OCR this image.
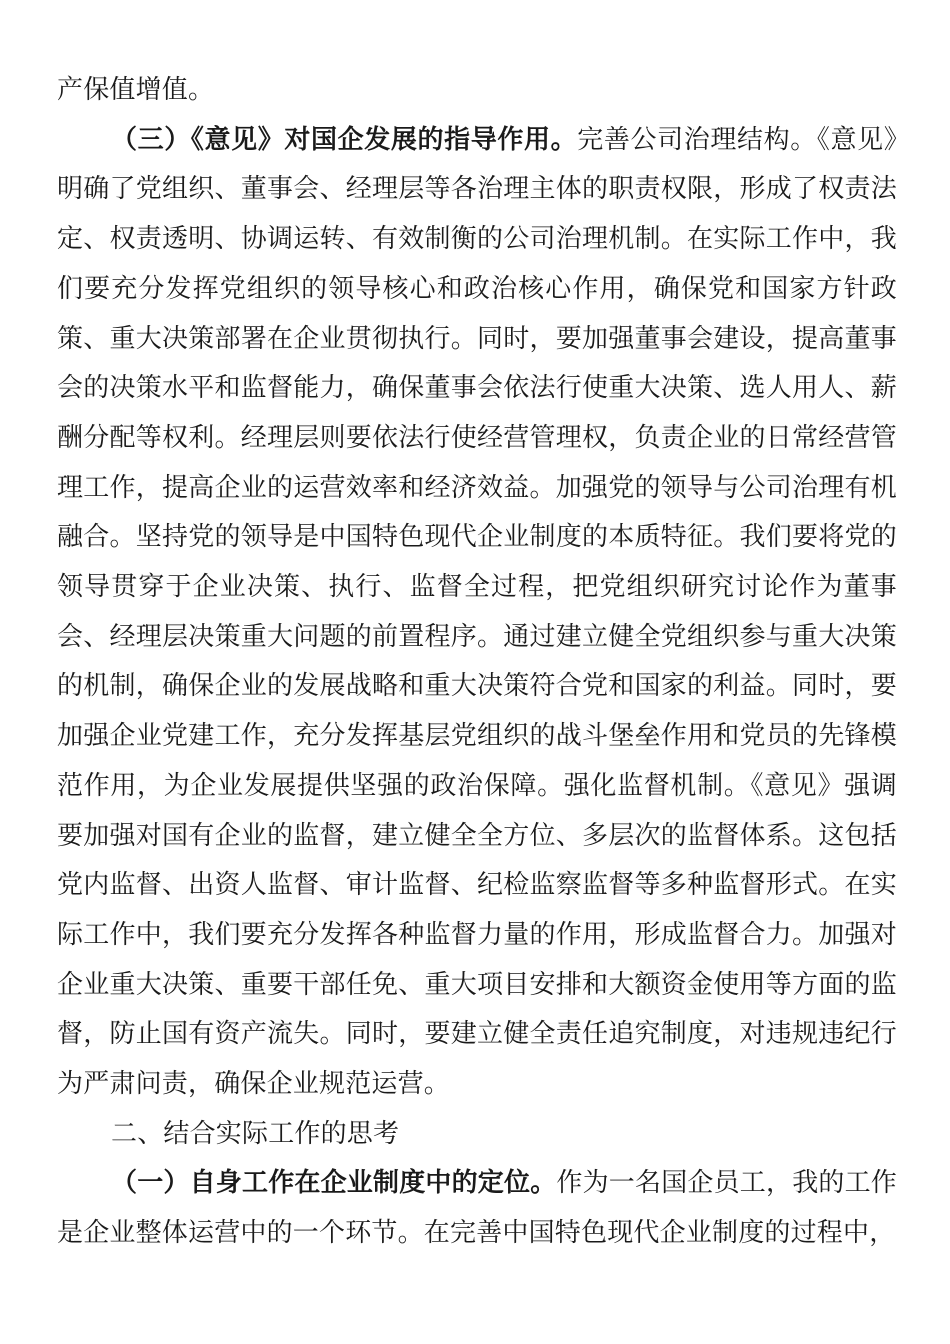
产保值增值。

（三）《意见》对国企发展的指导作用。完善公司治理结构。《意见》明确了党组织、董事会、经理层等各治理主体的职责权限，形成了权责法定、权责透明、协调运转、有效制衡的公司治理机制。在实际工作中，我们要充分发挥党组织的领导核心和政治核心作用，确保党和国家方针政策、重大决策部署在企业贯彻执行。同时，要加强董事会建设，提高董事会的决策水平和监督能力，确保董事会依法行使重大决策、选人用人、薪酬分配等权利。经理层则要依法行使经营管理权，负责企业的日常经营管理工作，提高企业的运营效率和经济效益。加强党的领导与公司治理有机融合。坚持党的领导是中国特色现代企业制度的本质特征。我们要将党的领导贯穿于企业决策、执行、监督全过程，把党组织研究讨论作为董事会、经理层决策重大问题的前置程序。通过建立健全党组织参与重大决策的机制，确保企业的发展战略和重大决策符合党和国家的利益。同时，要加强企业党建工作，充分发挥基层党组织的战斗堡垒作用和党员的先锋模范作用，为企业发展提供坚强的政治保障。强化监督机制。《意见》强调要加强对国有企业的监督，建立健全全方位、多层次的监督体系。这包括党内监督、出资人监督、审计监督、纪检监察监督等多种监督形式。在实际工作中，我们要充分发挥各种监督力量的作用，形成监督合力。加强对企业重大决策、重要干部任免、重大项目安排和大额资金使用等方面的监督，防止国有资产流失。同时，要建立健全责任追究制度，对违规违纪行为严肃问责，确保企业规范运营。

二、结合实际工作的思考

（一）自身工作在企业制度中的定位。作为一名国企员工，我的工作是企业整体运营中的一个环节。在完善中国特色现代企业制度的过程中，
